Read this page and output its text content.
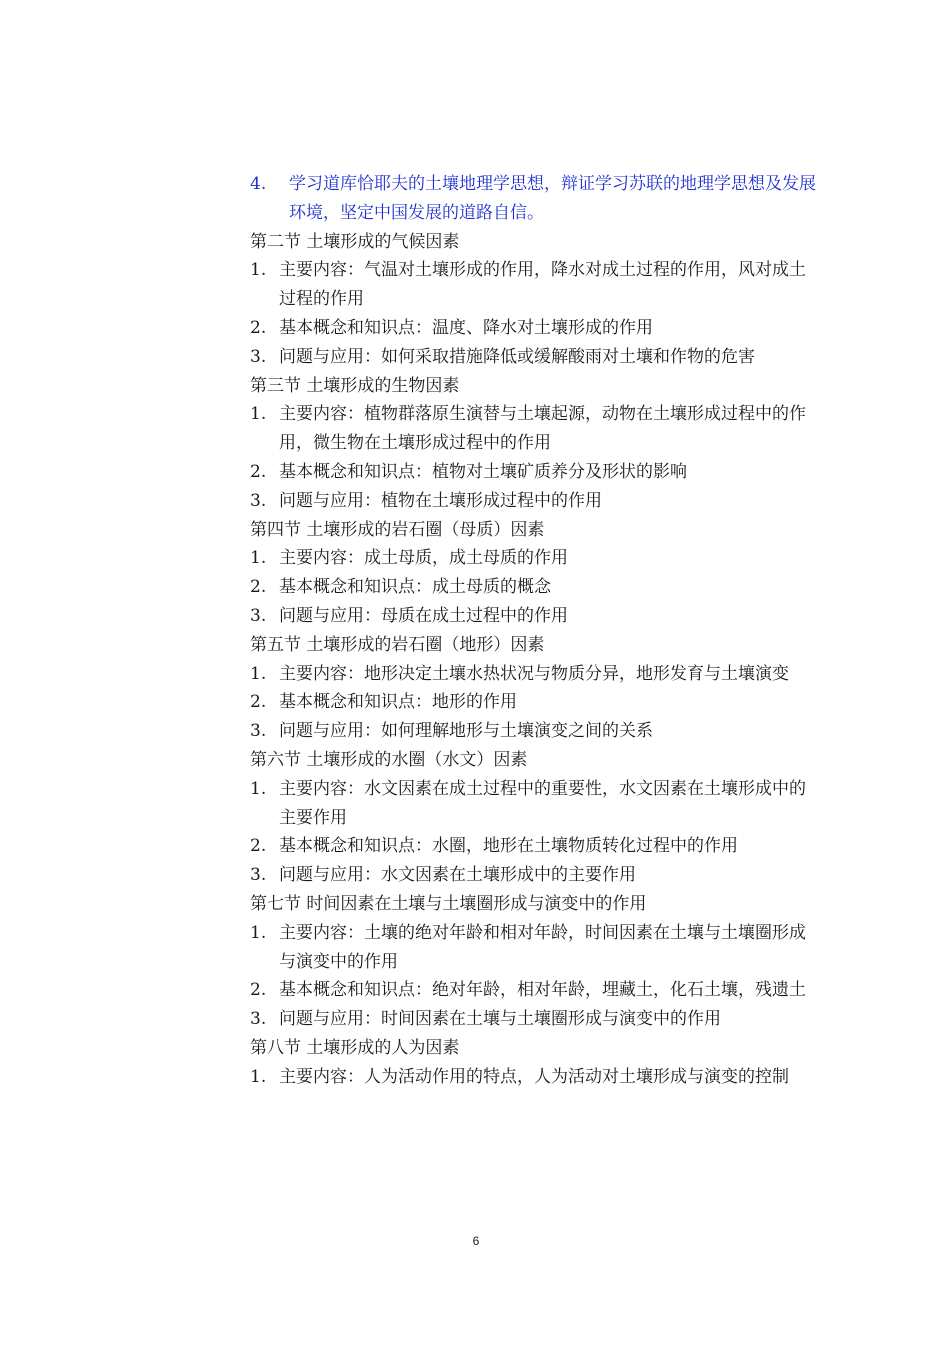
4.	学习道库恰耶夫的土壤地理学思想，辩证学习苏联的地理学思想及发展环境，坚定中国发展的道路自信。
第二节 土壤形成的气候因素
1. 主要内容：气温对土壤形成的作用，降水对成土过程的作用，风对成土过程的作用
2. 基本概念和知识点：温度、降水对土壤形成的作用
3. 问题与应用：如何采取措施降低或缓解酸雨对土壤和作物的危害
第三节 土壤形成的生物因素
1. 主要内容：植物群落原生演替与土壤起源，动物在土壤形成过程中的作用，微生物在土壤形成过程中的作用
2. 基本概念和知识点：植物对土壤矿质养分及形状的影响
3. 问题与应用：植物在土壤形成过程中的作用
第四节 土壤形成的岩石圈（母质）因素
1. 主要内容：成土母质，成土母质的作用
2. 基本概念和知识点：成土母质的概念
3. 问题与应用：母质在成土过程中的作用
第五节 土壤形成的岩石圈（地形）因素
1. 主要内容：地形决定土壤水热状况与物质分异，地形发育与土壤演变
2. 基本概念和知识点：地形的作用
3. 问题与应用：如何理解地形与土壤演变之间的关系
第六节 土壤形成的水圈（水文）因素
1. 主要内容：水文因素在成土过程中的重要性，水文因素在土壤形成中的主要作用
2. 基本概念和知识点：水圈，地形在土壤物质转化过程中的作用
3. 问题与应用：水文因素在土壤形成中的主要作用
第七节 时间因素在土壤与土壤圈形成与演变中的作用
1. 主要内容：土壤的绝对年龄和相对年龄，时间因素在土壤与土壤圈形成与演变中的作用
2. 基本概念和知识点：绝对年龄，相对年龄，埋藏土，化石土壤，残遗土
3. 问题与应用：时间因素在土壤与土壤圈形成与演变中的作用
第八节 土壤形成的人为因素
1. 主要内容：人为活动作用的特点，人为活动对土壤形成与演变的控制
6
